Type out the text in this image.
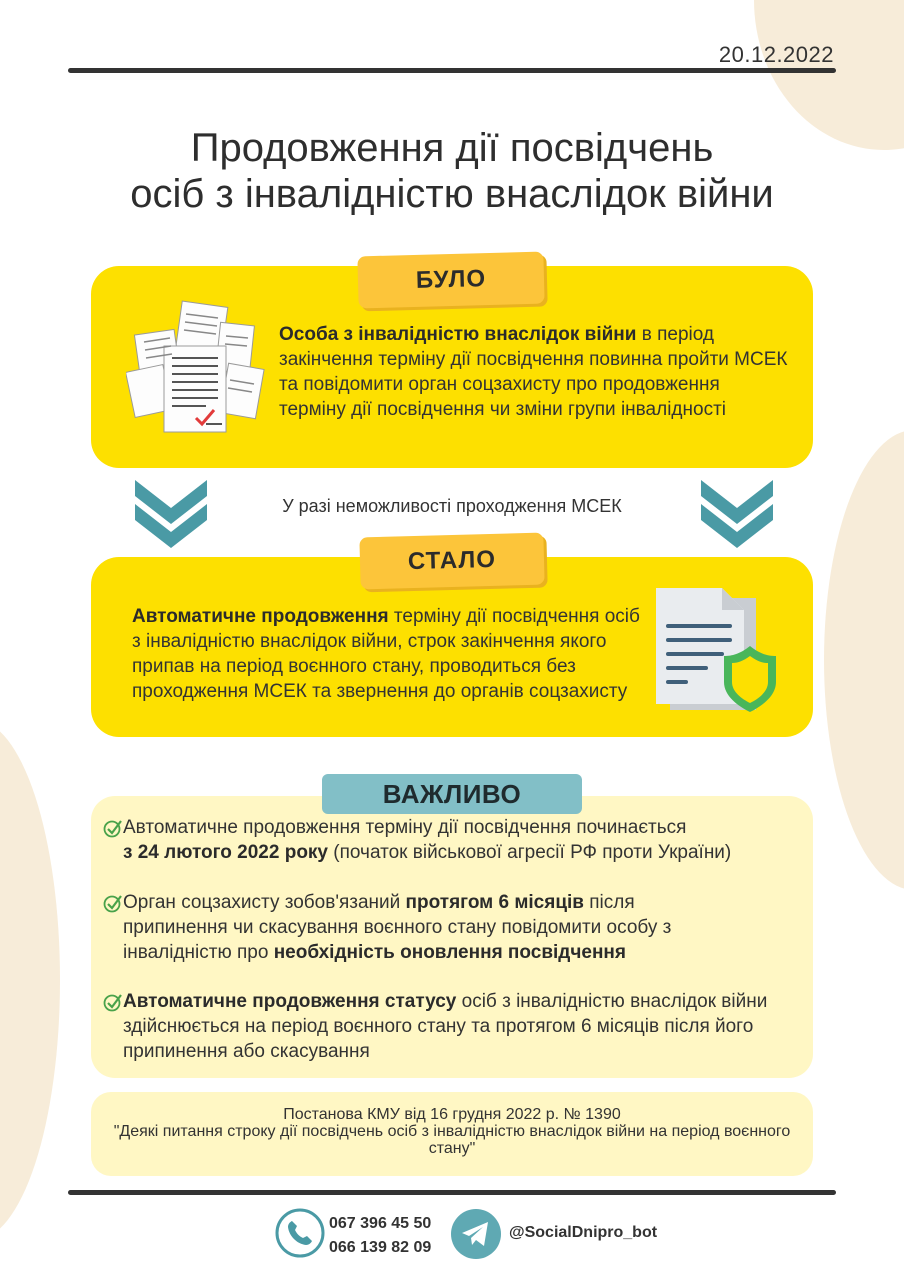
20.12.2022
Продовження дії посвідчень
осіб з інвалідністю внаслідок війни
БУЛО
Особа з інвалідністю внаслідок війни в період закінчення терміну дії посвідчення повинна пройти МСЕК та повідомити орган соцзахисту про продовження терміну дії посвідчення чи зміни групи інвалідності
У разі неможливості проходження МСЕК
СТАЛО
Автоматичне продовження терміну дії посвідчення осіб з інвалідністю внаслідок війни, строк закінчення якого припав на період воєнного стану, проводиться без проходження МСЕК та звернення до органів соцзахисту
ВАЖЛИВО
Автоматичне продовження терміну дії посвідчення починається
з 24 лютого 2022 року (початок військової агресії РФ проти України)
Орган соцзахисту зобов'язаний протягом 6 місяців після припинення чи скасування воєнного стану повідомити особу з інвалідністю про необхідність оновлення посвідчення
Автоматичне продовження статусу осіб з інвалідністю внаслідок війни здійснюється на період воєнного стану та протягом 6 місяців після його припинення або скасування
Постанова КМУ від 16 грудня 2022 р. № 1390
"Деякі питання строку дії посвідчень осіб з інвалідністю внаслідок війни на період воєнного стану"
067 396 45 50
066 139 82 09
@SocialDnipro_bot
